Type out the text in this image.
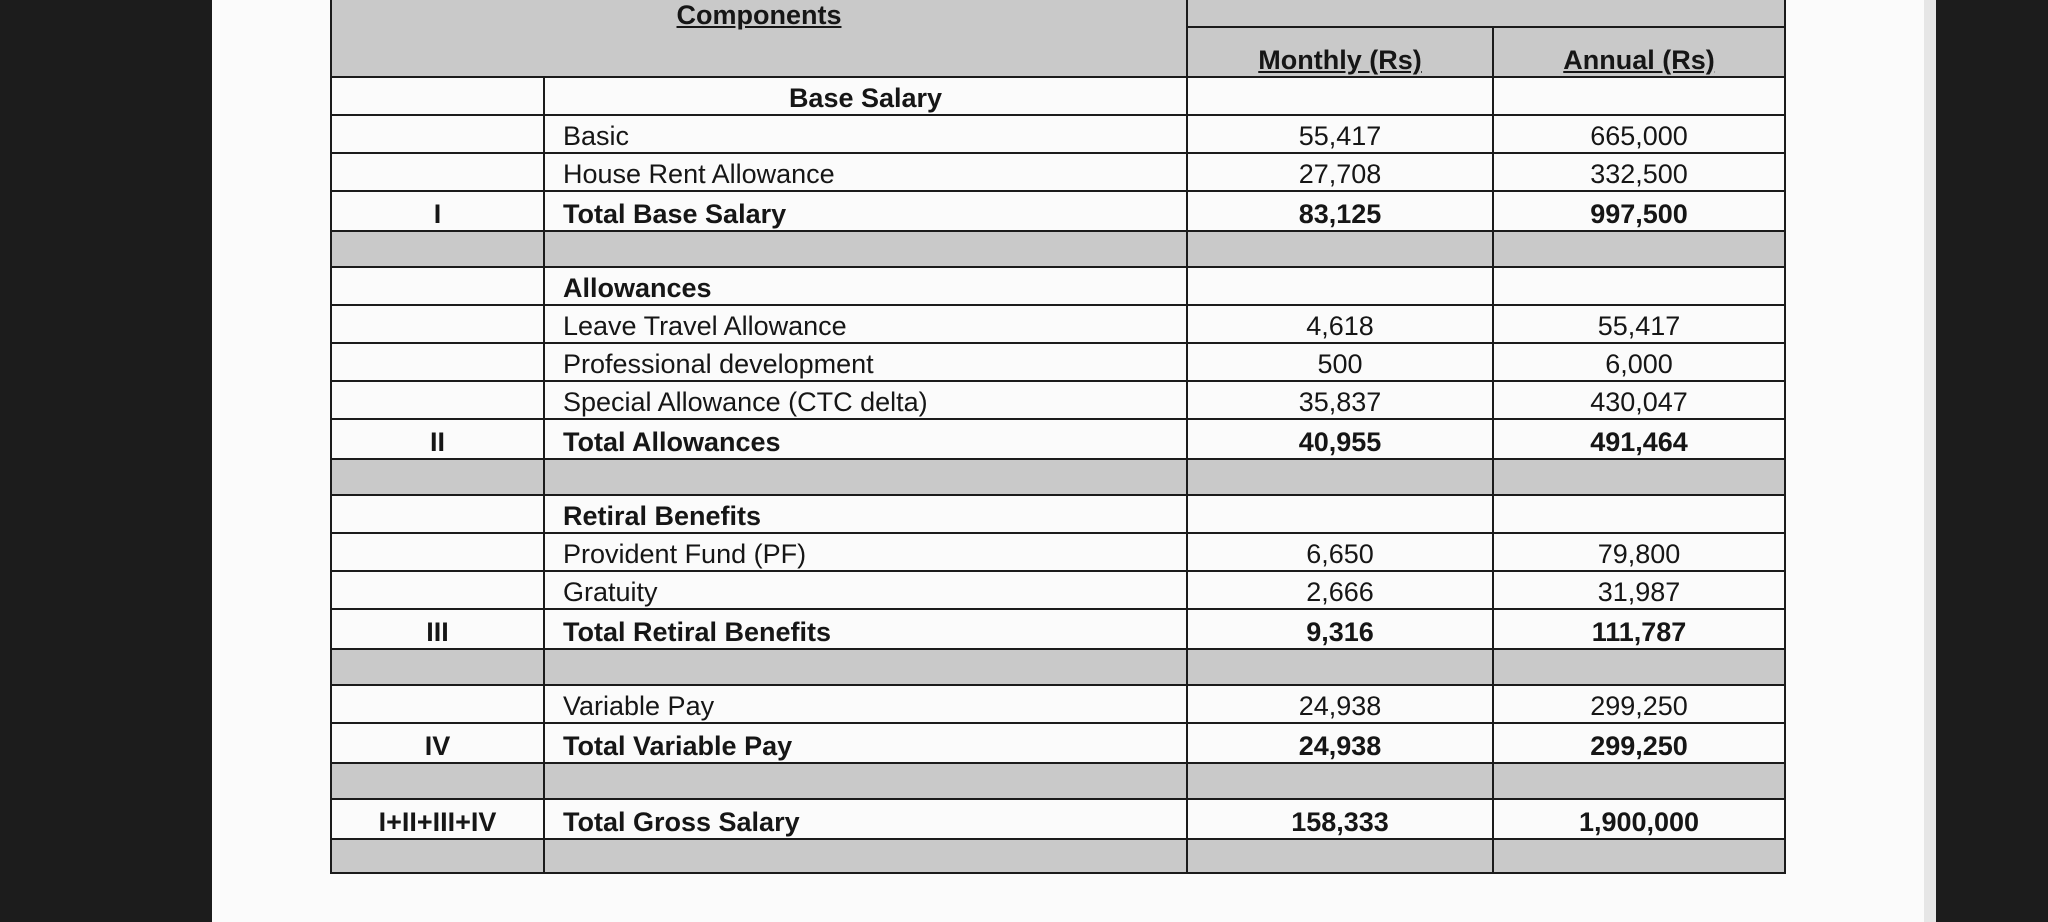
Components			
		Monthly (Rs)	Annual (Rs)
	Base Salary		
	Basic	55,417	665,000
	House Rent Allowance	27,708	332,500
I	Total Base Salary	83,125	997,500

	Allowances		
	Leave Travel Allowance	4,618	55,417
	Professional development	500	6,000
	Special Allowance (CTC delta)	35,837	430,047
II	Total Allowances	40,955	491,464

	Retiral Benefits		
	Provident Fund (PF)	6,650	79,800
	Gratuity	2,666	31,987
III	Total Retiral Benefits	9,316	111,787

	Variable Pay	24,938	299,250
IV	Total Variable Pay	24,938	299,250

I+II+III+IV	Total Gross Salary	158,333	1,900,000
